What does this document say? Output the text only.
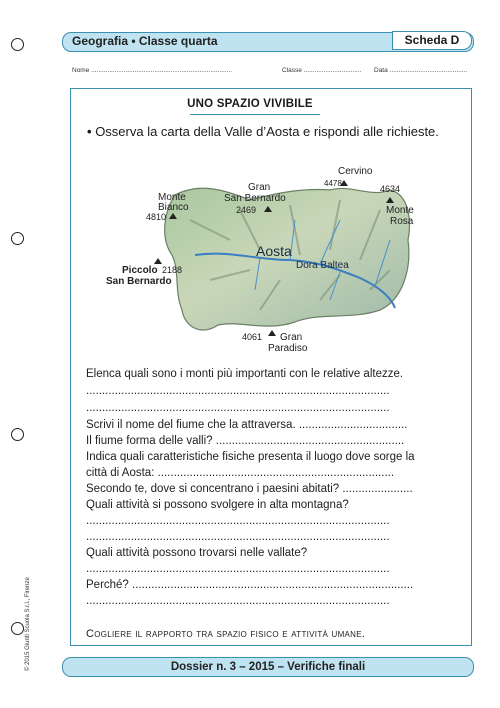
Geografia • Classe quarta	Scheda D
Nome ..............................................................................	Classe ................................ Data ...........................................
UNO SPAZIO VIVIBILE
• Osserva la carta della Valle d’Aosta e rispondi alle richieste.
Cervino
4478
Gran
San Bernardo
2469
Monte
Bianco
4810
4634
Monte
Rosa
Piccolo
San Bernardo
2188
4061 Gran
Paradiso
Aosta
Dora Baltea
Elenca quali sono i monti più importanti con le relative altezze.
...............................................................................................
...............................................................................................
Scrivi il nome del fiume che la attraversa. ..................................
Il fiume forma delle valli? ...........................................................
Indica quali caratteristiche fisiche presenta il luogo dove sorge la
città di Aosta: ..........................................................................
Secondo te, dove si concentrano i paesini abitati? ......................
Quali attività si possono svolgere in alta montagna?
...............................................................................................
...............................................................................................
Quali attività possono trovarsi nelle vallate?
...............................................................................................
Perché? ........................................................................................
...............................................................................................
Cogliere il rapporto tra spazio fisico e attività umane.
© 2015 Giunti Scuola S.r.l., Firenze	Dossier n. 3 – 2015 – Verifiche finali
